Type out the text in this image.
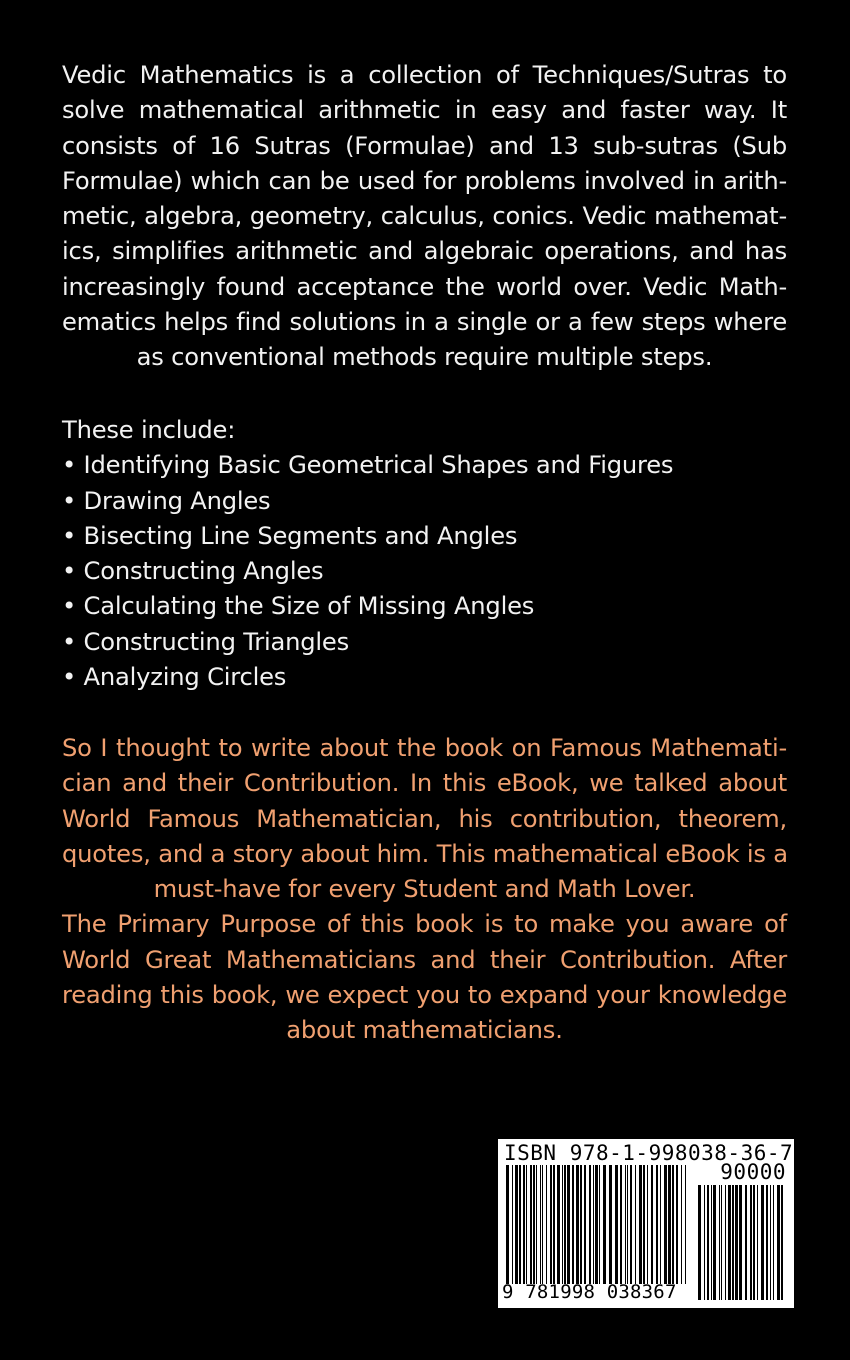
Vedic Mathematics is a collection of Techniques/Sutras to
solve mathematical arithmetic in easy and faster way. It
consists of 16 Sutras (Formulae) and 13 sub-sutras (Sub
Formulae) which can be used for problems involved in arith-
metic, algebra, geometry, calculus, conics. Vedic mathemat-
ics, simplifies arithmetic and algebraic operations, and has
increasingly found acceptance the world over. Vedic Math-
ematics helps find solutions in a single or a few steps where
as conventional methods require multiple steps.
These include:
• Identifying Basic Geometrical Shapes and Figures
• Drawing Angles
• Bisecting Line Segments and Angles
• Constructing Angles
• Calculating the Size of Missing Angles
• Constructing Triangles
• Analyzing Circles
So I thought to write about the book on Famous Mathemati-
cian and their Contribution. In this eBook, we talked about
World Famous Mathematician, his contribution, theorem,
quotes, and a story about him. This mathematical eBook is a
must-have for every Student and Math Lover.
The Primary Purpose of this book is to make you aware of
World Great Mathematicians and their Contribution. After
reading this book, we expect you to expand your knowledge
about mathematicians.
ISBN 978-1-998038-36-7
90000
9 781998 038367
